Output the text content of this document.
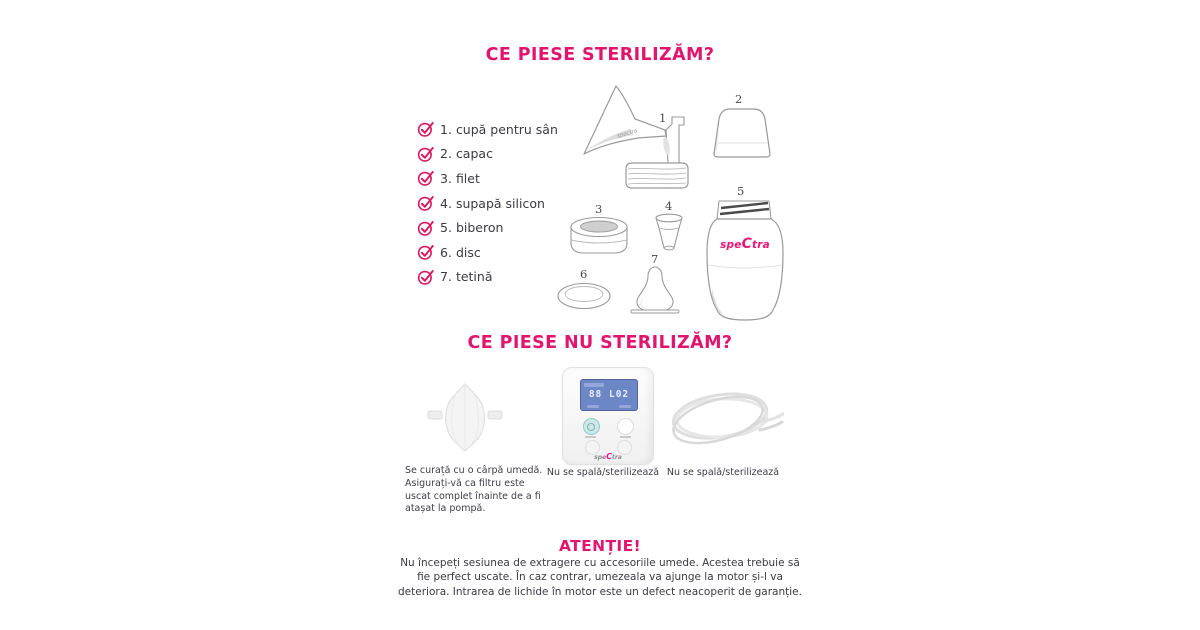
CE PIESE STERILIZĂM?
1. cupă pentru sân
2. capac
3. filet
4. supapă silicon
5. biberon
6. disc
7. tetină
spectra
speCtra
1
2
3	4
5
6
7
CE PIESE NU STERILIZĂM?
88 L02
speCtra
Se curață cu o cârpă umedă. Asigurați-vă ca filtru este uscat complet înainte de a fi atașat la pompă.
Nu se spală/sterilizează Nu se spală/sterilizează
ATENȚIE!
Nu începeți sesiunea de extragere cu accesoriile umede. Acestea trebuie să fie perfect uscate. În caz contrar, umezeala va ajunge la motor și-l va deteriora. Intrarea de lichide în motor este un defect neacoperit de garanție.
